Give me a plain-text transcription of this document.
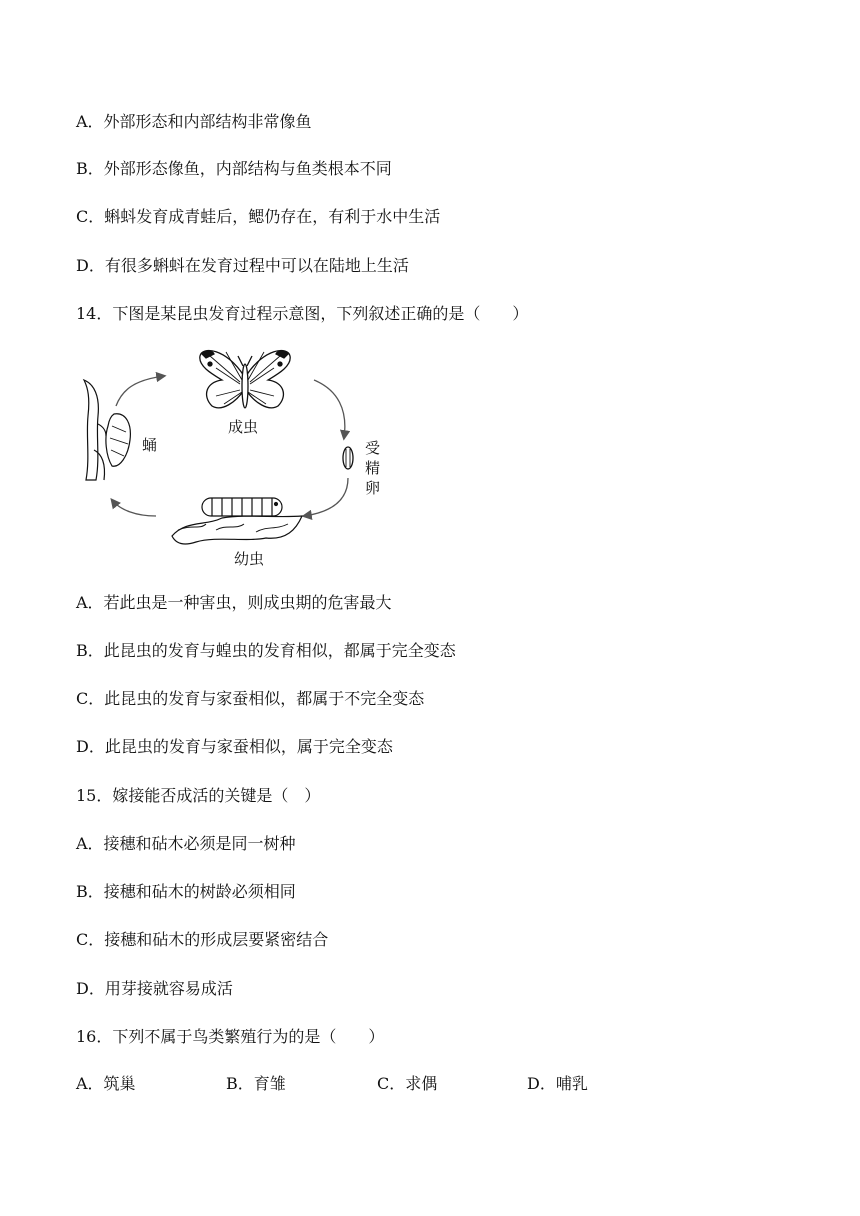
A．外部形态和内部结构非常像鱼
B．外部形态像鱼，内部结构与鱼类根本不同
C．蝌蚪发育成青蛙后，鳃仍存在，有利于水中生活
D．有很多蝌蚪在发育过程中可以在陆地上生活
14．下图是某昆虫发育过程示意图，下列叙述正确的是（　　）
成虫
受
精
卵
幼虫
蛹
A．若此虫是一种害虫，则成虫期的危害最大
B．此昆虫的发育与蝗虫的发育相似，都属于完全变态
C．此昆虫的发育与家蚕相似，都属于不完全变态
D．此昆虫的发育与家蚕相似，属于完全变态
15．嫁接能否成活的关键是（　）
A．接穗和砧木必须是同一树种
B．接穗和砧木的树龄必须相同
C．接穗和砧木的形成层要紧密结合
D．用芽接就容易成活
16．下列不属于鸟类繁殖行为的是（　　）
A．筑巢	B．育雏	C．求偶	D．哺乳
